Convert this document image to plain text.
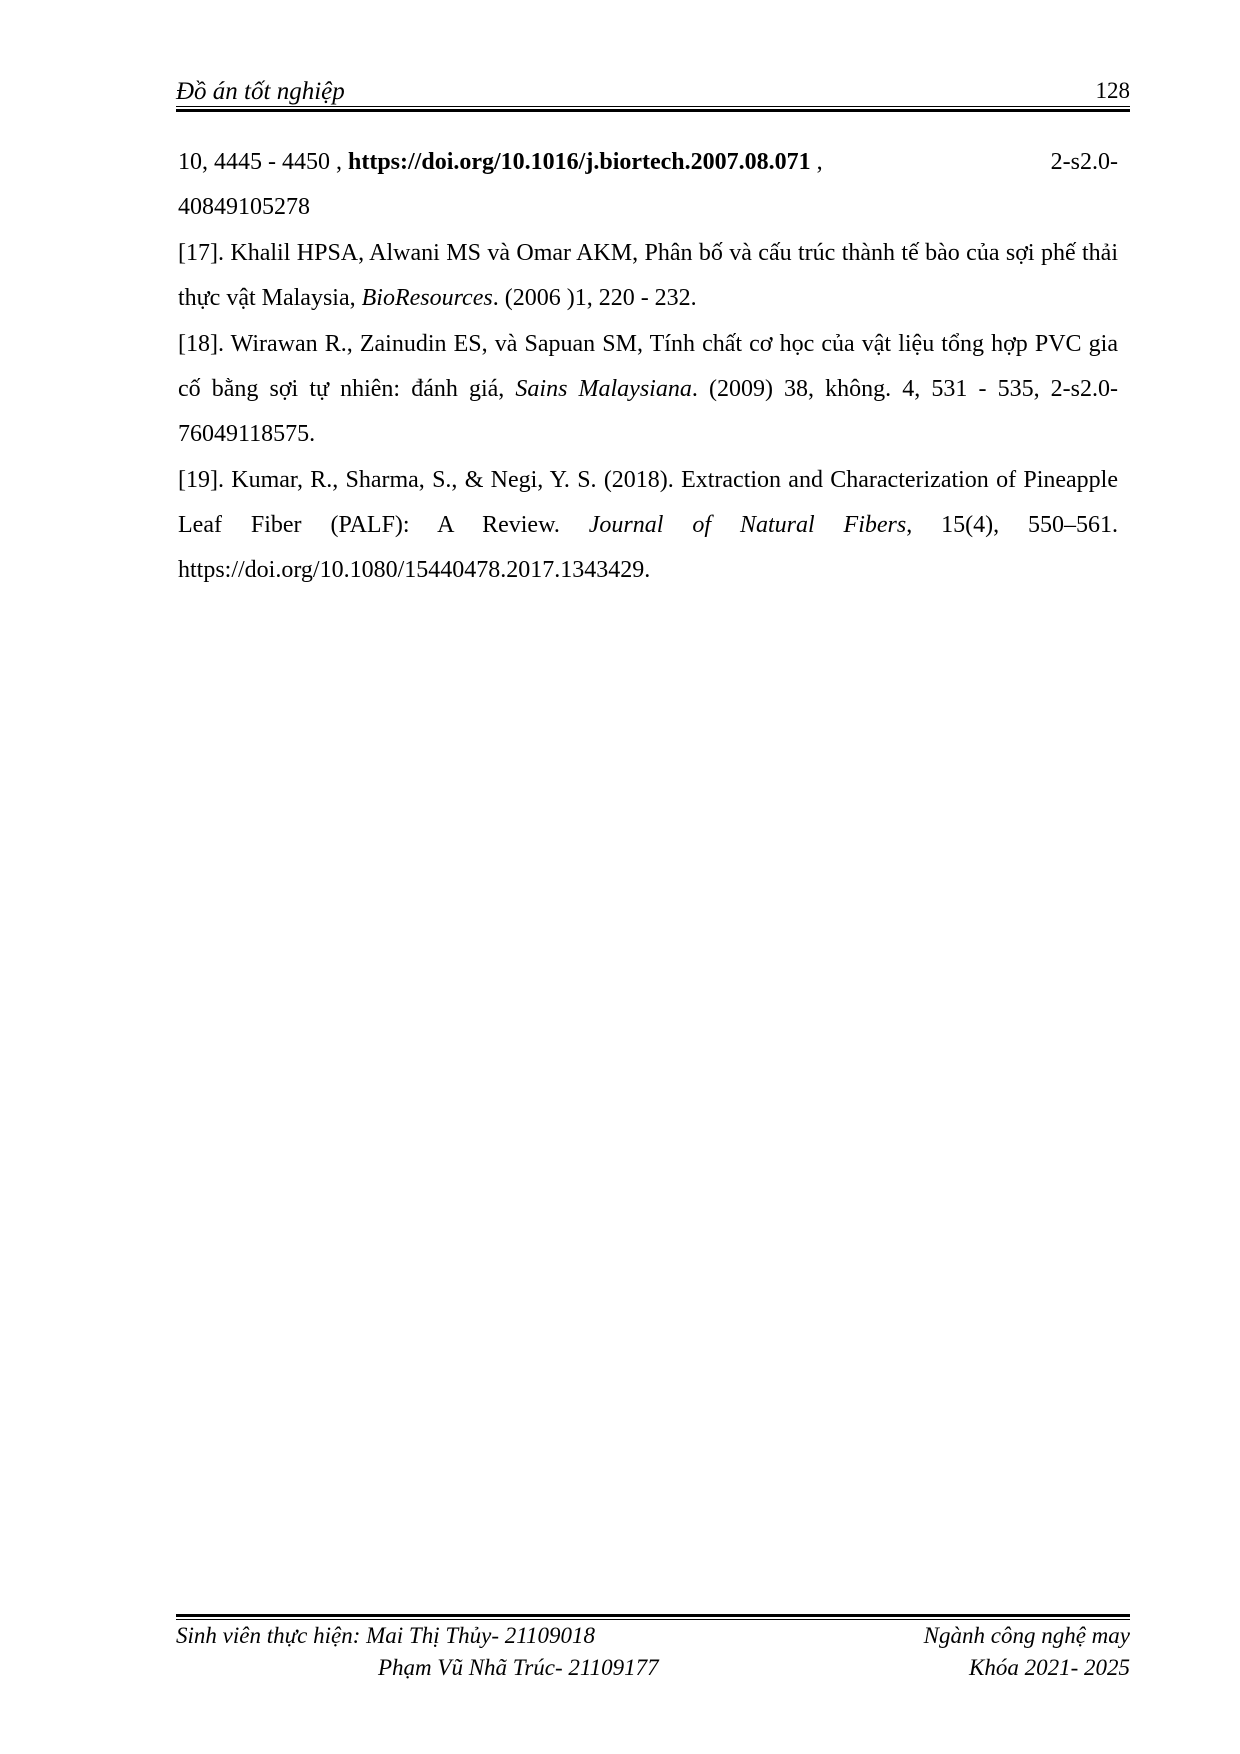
Đồ án tốt nghiệp	128
10, 4445 - 4450 , https://doi.org/10.1016/j.biortech.2007.08.071 ,	2-s2.0-
40849105278

[17]. Khalil HPSA, Alwani MS và Omar AKM, Phân bố và cấu trúc thành tế bào của sợi phế thải thực vật Malaysia, BioResources. (2006 )1, 220 - 232.

[18]. Wirawan R., Zainudin ES, và Sapuan SM, Tính chất cơ học của vật liệu tổng hợp PVC gia cố bằng sợi tự nhiên: đánh giá, Sains Malaysiana. (2009) 38, không. 4, 531 - 535, 2-s2.0-76049118575.

[19]. Kumar, R., Sharma, S., & Negi, Y. S. (2018). Extraction and Characterization of Pineapple Leaf Fiber (PALF): A Review. Journal of Natural Fibers, 15(4), 550–561. https://doi.org/10.1080/15440478.2017.1343429.

Sinh viên thực hiện: Mai Thị Thủy- 21109018	Ngành công nghệ may
Phạm Vũ Nhã Trúc- 21109177	Khóa 2021- 2025
